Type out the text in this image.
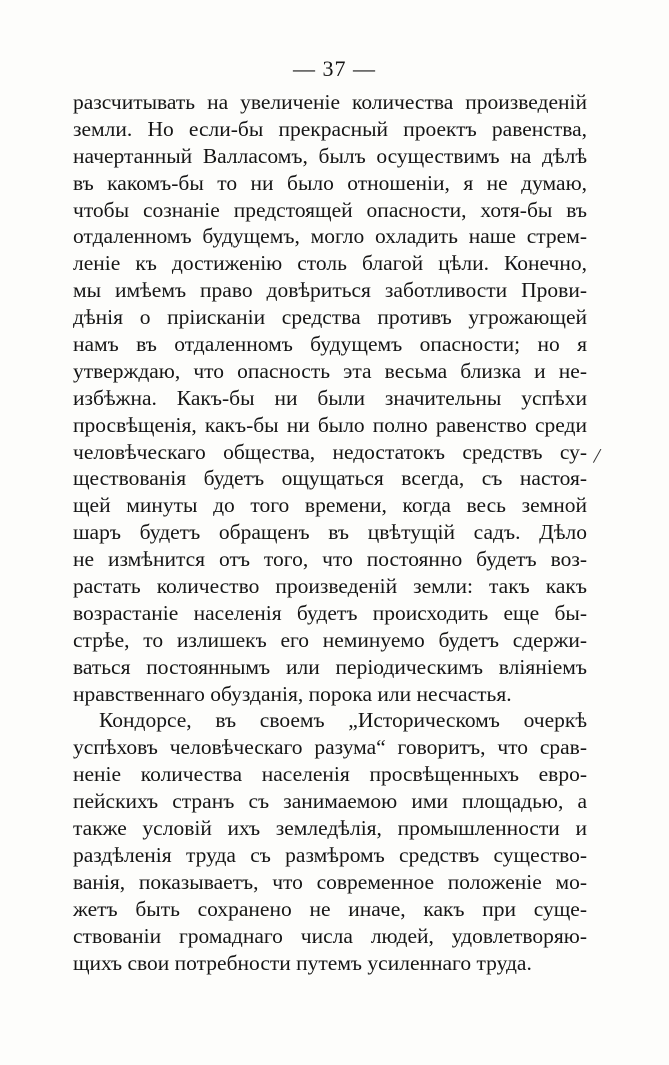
— 37 —
разсчитывать на увеличеніе количества произведеній
земли. Но если-бы прекрасный проектъ равенства,
начертанный Валласомъ, былъ осуществимъ на дѣлѣ
въ какомъ-бы то ни было отношеніи, я не думаю,
чтобы сознаніе предстоящей опасности, хотя-бы въ
отдаленномъ будущемъ, могло охладить наше стрем-
леніе къ достиженію столь благой цѣли. Конечно,
мы имѣемъ право довѣриться заботливости Прови-
дѣнія о пріисканіи средства противъ угрожающей
намъ въ отдаленномъ будущемъ опасности; но я
утверждаю, что опасность эта весьма близка и не-
избѣжна. Какъ-бы ни были значительны успѣхи
просвѣщенія, какъ-бы ни было полно равенство среди
человѣческаго общества, недостатокъ средствъ су-
ществованія будетъ ощущаться всегда, съ настоя-
щей минуты до того времени, когда весь земной
шаръ будетъ обращенъ въ цвѣтущій садъ. Дѣло
не измѣнится отъ того, что постоянно будетъ воз-
растать количество произведеній земли: такъ какъ
возрастаніе населенія будетъ происходить еще бы-
стрѣе, то излишекъ его неминуемо будетъ сдержи-
ваться постояннымъ или періодическимъ вліяніемъ
нравственнаго обузданія, порока или несчастья.
Кондорсе, въ своемъ „Историческомъ очеркѣ
успѣховъ человѣческаго разума“ говоритъ, что срав-
неніе количества населенія просвѣщенныхъ евро-
пейскихъ странъ съ занимаемою ими площадью, а
также условій ихъ земледѣлія, промышленности и
раздѣленія труда съ размѣромъ средствъ существо-
ванія, показываетъ, что современное положеніе мо-
жетъ быть сохранено не иначе, какъ при суще-
ствованіи громаднаго числа людей, удовлетворяю-
щихъ свои потребности путемъ усиленнаго труда.
/
